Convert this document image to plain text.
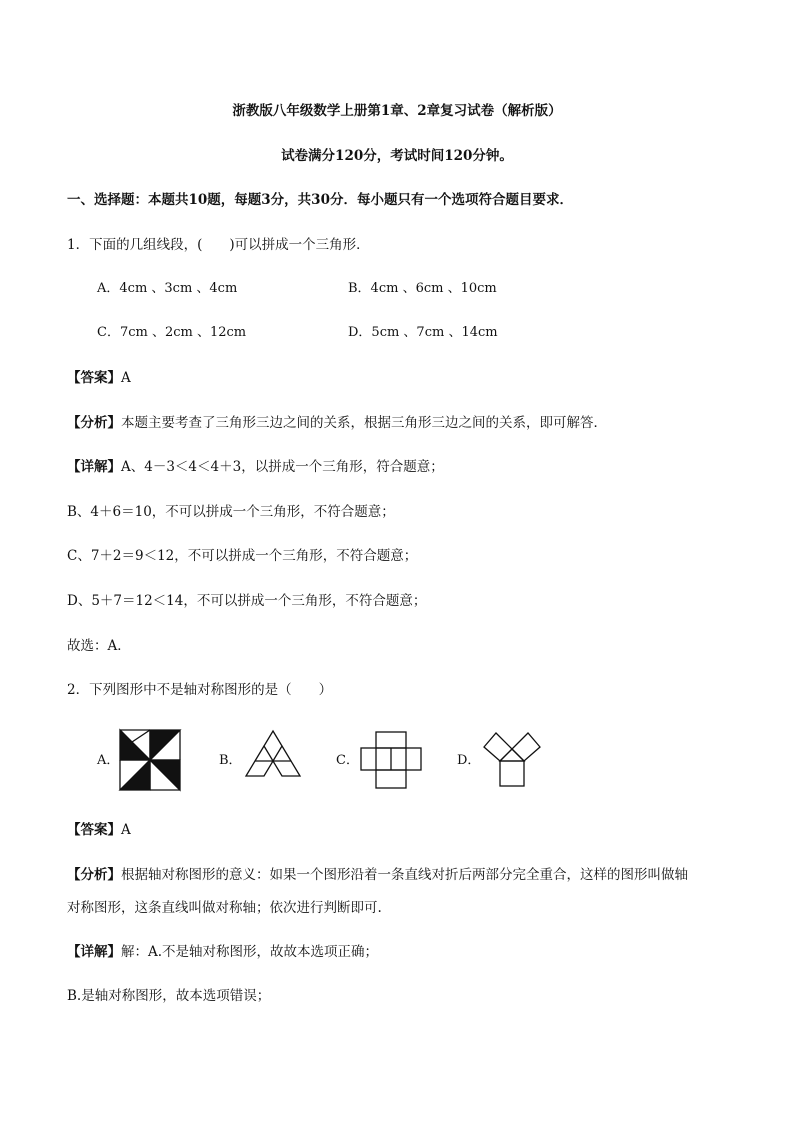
浙教版八年级数学上册第1章、2章复习试卷（解析版）
试卷满分120分，考试时间120分钟。
一、选择题：本题共10题，每题3分，共30分．每小题只有一个选项符合题目要求．
1．下面的几组线段，(　　)可以拼成一个三角形．
A．4cm 、3cm 、4cm	B．4cm 、6cm 、10cm
C．7cm 、2cm 、12cm	D．5cm 、7cm 、14cm
【答案】A
【分析】本题主要考查了三角形三边之间的关系，根据三角形三边之间的关系，即可解答．
【详解】A、4－3＜4＜4＋3，以拼成一个三角形，符合题意；
B、4＋6＝10，不可以拼成一个三角形，不符合题意；
C、7＋2＝9＜12，不可以拼成一个三角形，不符合题意；
D、5＋7＝12＜14，不可以拼成一个三角形，不符合题意；
故选：A．
2．下列图形中不是轴对称图形的是（　　）
A．	B．	C．	D．
【答案】A
【分析】根据轴对称图形的意义：如果一个图形沿着一条直线对折后两部分完全重合，这样的图形叫做轴
对称图形，这条直线叫做对称轴；依次进行判断即可.
【详解】解：A.不是轴对称图形，故故本选项正确；
B.是轴对称图形，故本选项错误；
